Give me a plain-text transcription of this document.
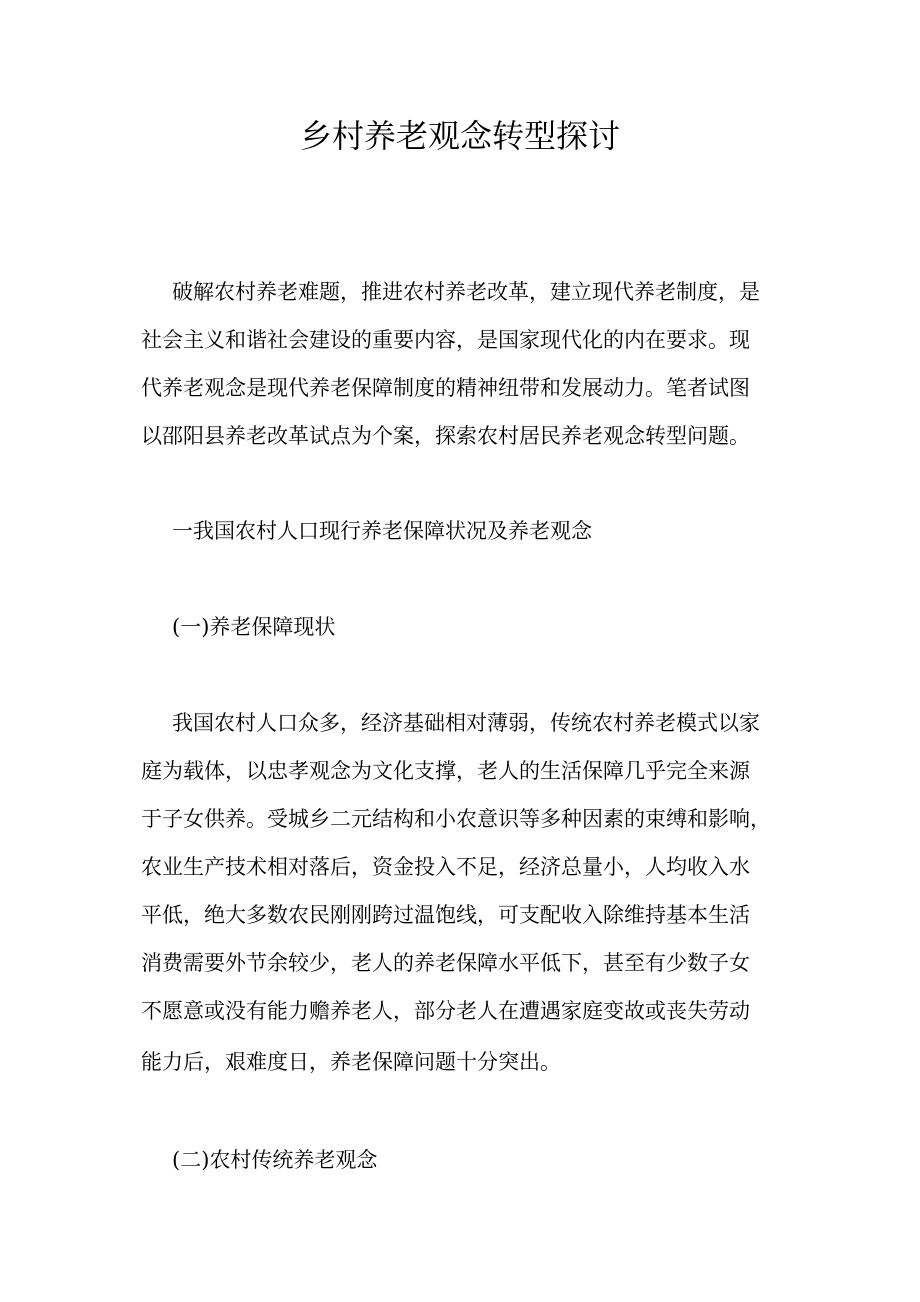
乡村养老观念转型探讨
破解农村养老难题，推进农村养老改革，建立现代养老制度，是
社会主义和谐社会建设的重要内容，是国家现代化的内在要求。现
代养老观念是现代养老保障制度的精神纽带和发展动力。笔者试图
以邵阳县养老改革试点为个案，探索农村居民养老观念转型问题。
一我国农村人口现行养老保障状况及养老观念
(一)养老保障现状
我国农村人口众多，经济基础相对薄弱，传统农村养老模式以家
庭为载体，以忠孝观念为文化支撑，老人的生活保障几乎完全来源
于子女供养。受城乡二元结构和小农意识等多种因素的束缚和影响，
农业生产技术相对落后，资金投入不足，经济总量小，人均收入水
平低，绝大多数农民刚刚跨过温饱线，可支配收入除维持基本生活
消费需要外节余较少，老人的养老保障水平低下，甚至有少数子女
不愿意或没有能力赡养老人，部分老人在遭遇家庭变故或丧失劳动
能力后，艰难度日，养老保障问题十分突出。
(二)农村传统养老观念
